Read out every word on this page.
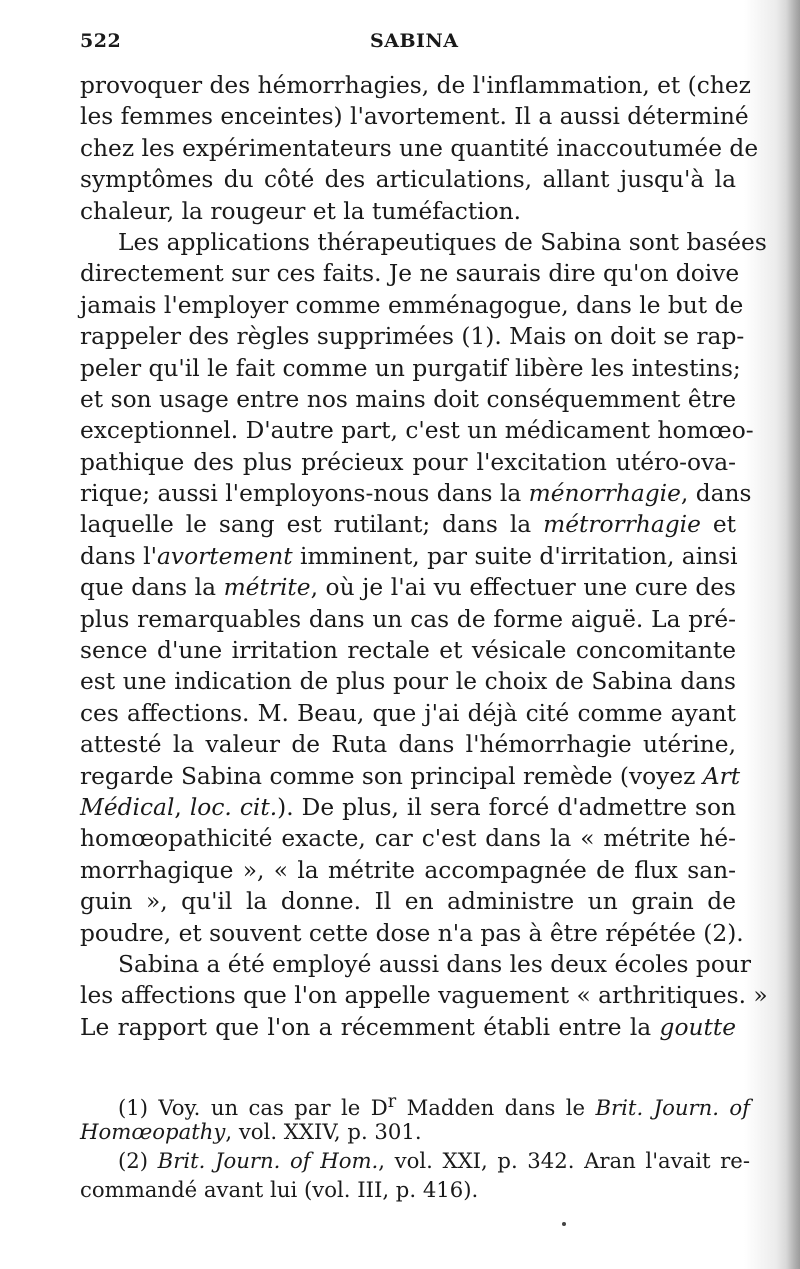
522	SABINA
provoquer des hémorrhagies, de l'inflammation, et (chez
les femmes enceintes) l'avortement. Il a aussi déterminé
chez les expérimentateurs une quantité inaccoutumée de
symptômes du côté des articulations, allant jusqu'à la
chaleur, la rougeur et la tuméfaction.
Les applications thérapeutiques de Sabina sont basées
directement sur ces faits. Je ne saurais dire qu'on doive
jamais l'employer comme emménagogue, dans le but de
rappeler des règles supprimées (1). Mais on doit se rap-
peler qu'il le fait comme un purgatif libère les intestins;
et son usage entre nos mains doit conséquemment être
exceptionnel. D'autre part, c'est un médicament homœo-
pathique des plus précieux pour l'excitation utéro-ova-
rique; aussi l'employons-nous dans la ménorrhagie, dans
laquelle le sang est rutilant; dans la métrorrhagie et
dans l'avortement imminent, par suite d'irritation, ainsi
que dans la métrite, où je l'ai vu effectuer une cure des
plus remarquables dans un cas de forme aiguë. La pré-
sence d'une irritation rectale et vésicale concomitante
est une indication de plus pour le choix de Sabina dans
ces affections. M. Beau, que j'ai déjà cité comme ayant
attesté la valeur de Ruta dans l'hémorrhagie utérine,
regarde Sabina comme son principal remède (voyez Art
Médical, loc. cit.). De plus, il sera forcé d'admettre son
homœopathicité exacte, car c'est dans la « métrite hé-
morrhagique », « la métrite accompagnée de flux san-
guin », qu'il la donne. Il en administre un grain de
poudre, et souvent cette dose n'a pas à être répétée (2).
Sabina a été employé aussi dans les deux écoles pour
les affections que l'on appelle vaguement « arthritiques. »
Le rapport que l'on a récemment établi entre la goutte
(1) Voy. un cas par le $D^r$ Madden dans le Brit. Journ. of
Homœopathy, vol. XXIV, p. 301.
(2) Brit. Journ. of Hom., vol. XXI, p. 342. Aran l'avait re-
commandé avant lui (vol. III, p. 416).
